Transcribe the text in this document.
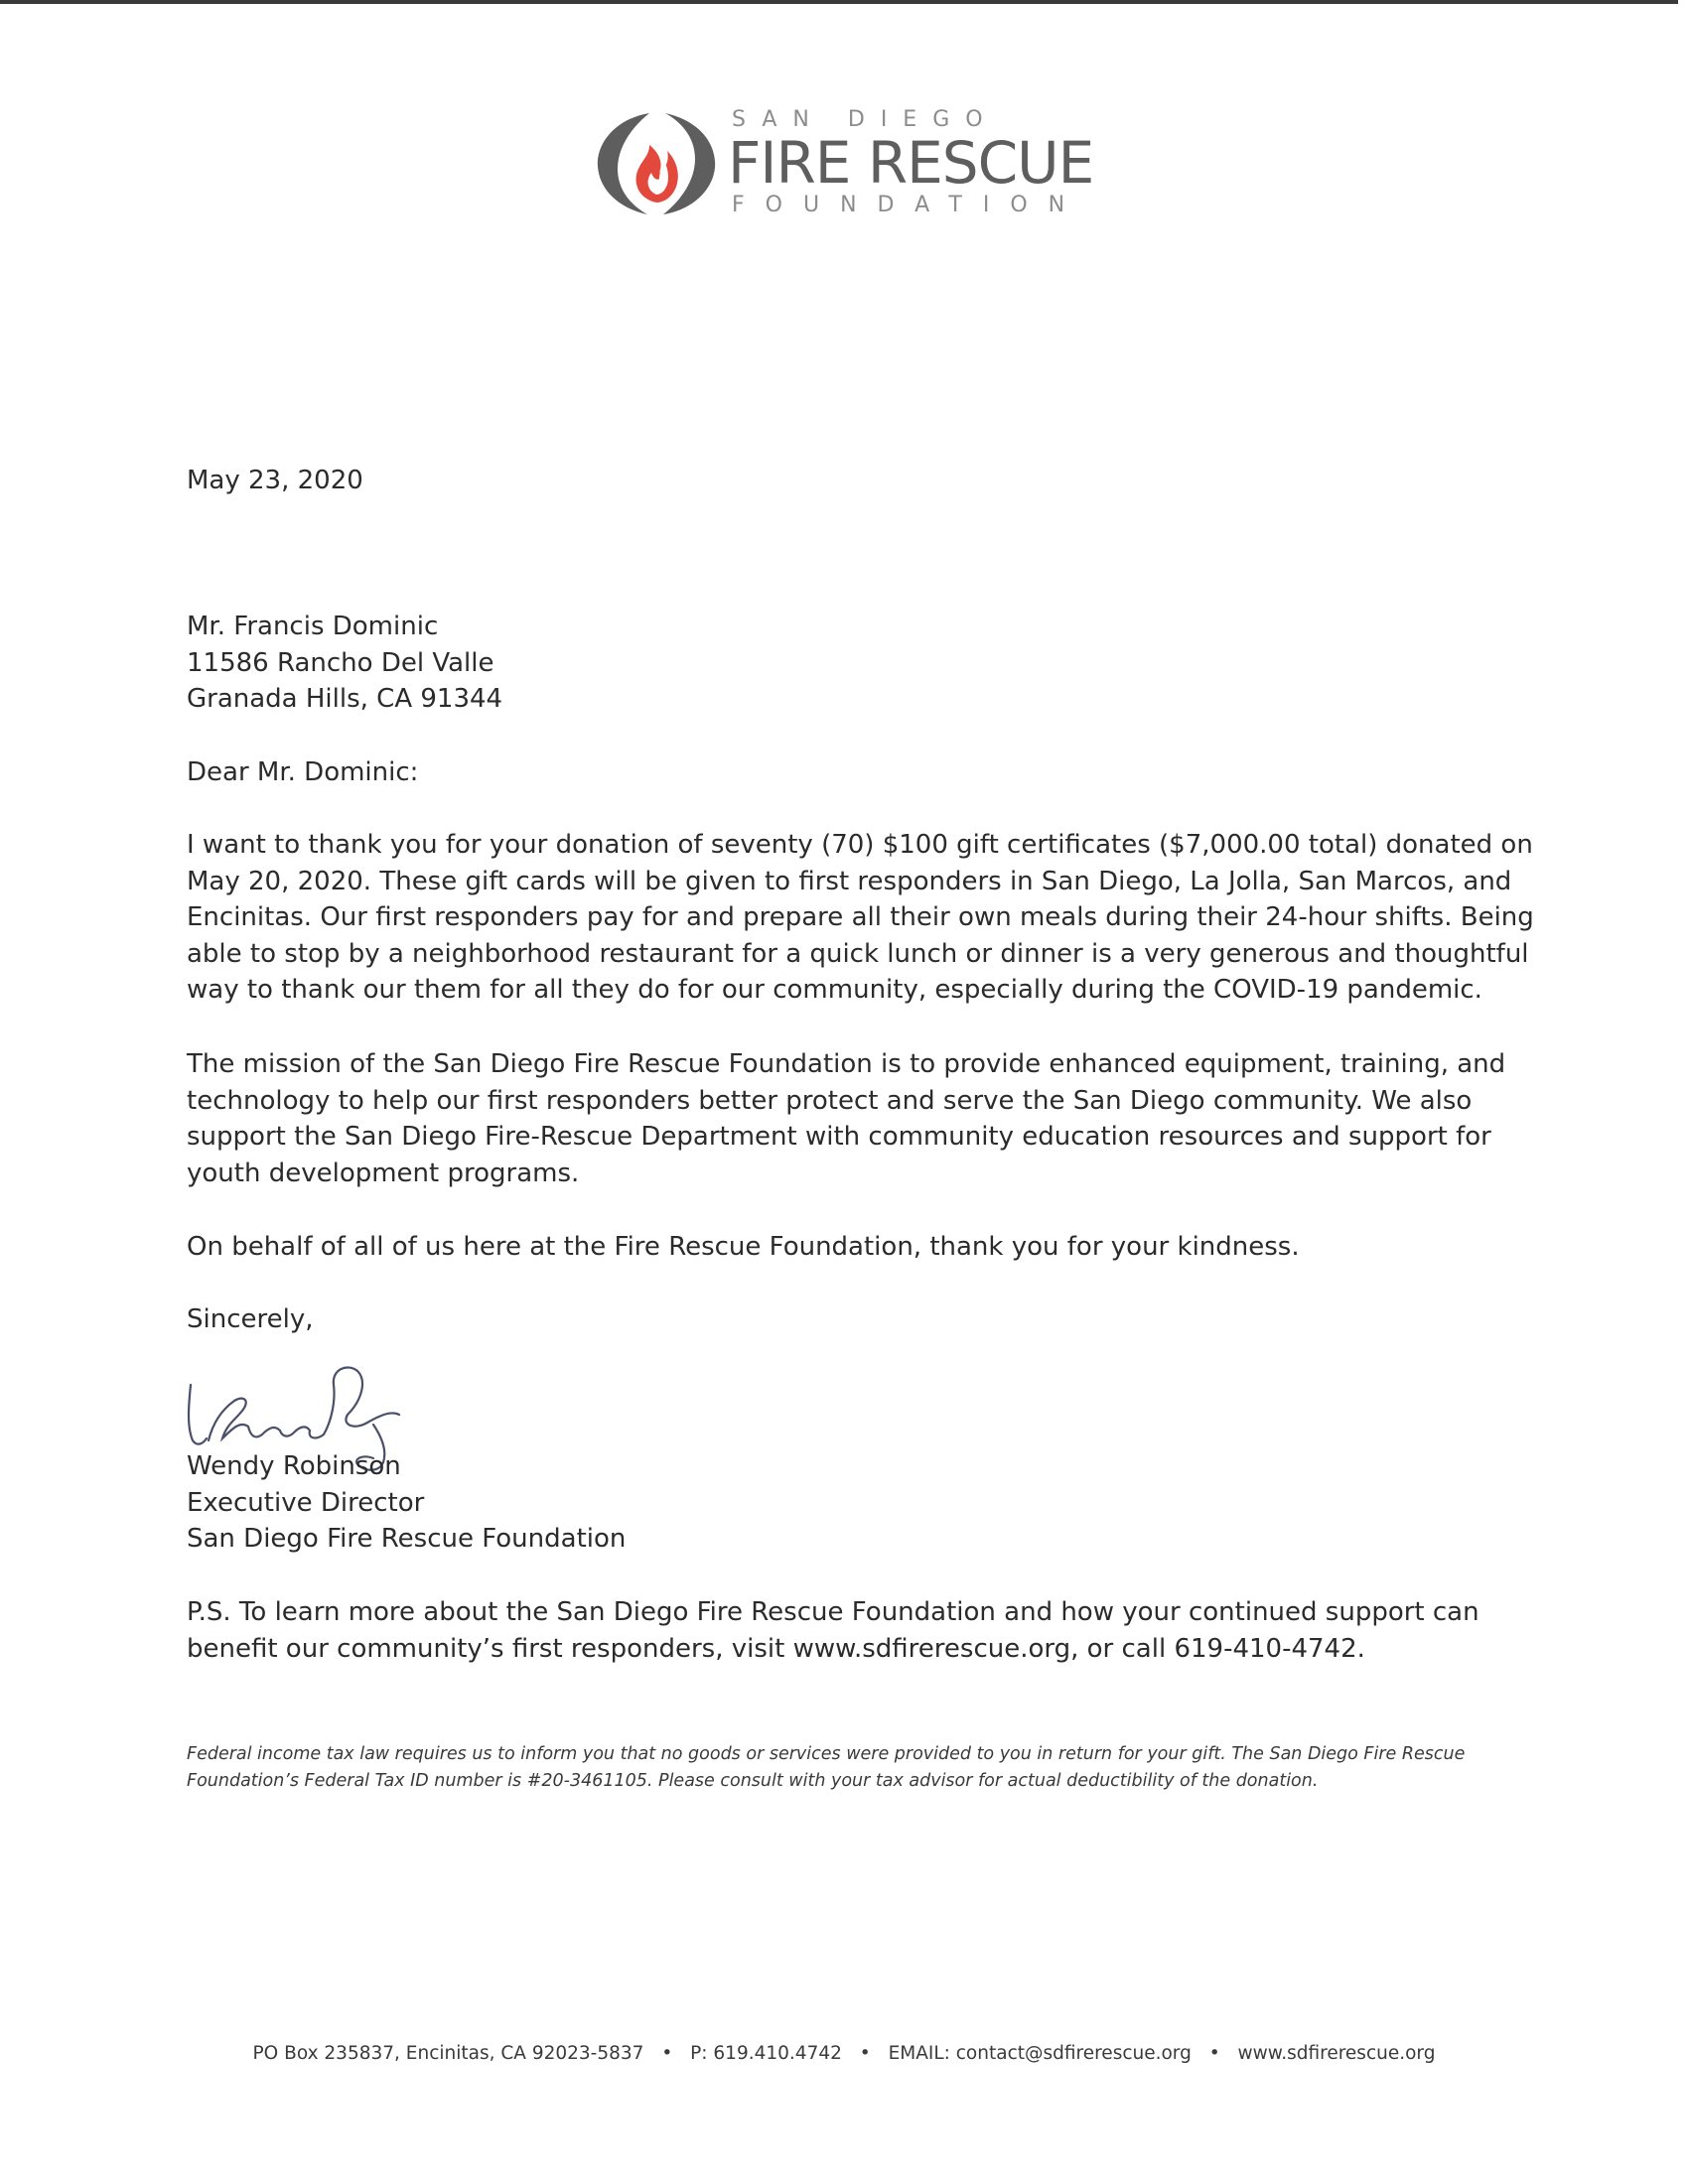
SAN DIEGO
FIRE RESCUE
FOUNDATION
May 23, 2020
Mr. Francis Dominic
11586 Rancho Del Valle
Granada Hills, CA 91344
Dear Mr. Dominic:
I want to thank you for your donation of seventy (70) $100 gift certificates ($7,000.00 total) donated on
May 20, 2020. These gift cards will be given to first responders in San Diego, La Jolla, San Marcos, and
Encinitas. Our first responders pay for and prepare all their own meals during their 24-hour shifts. Being
able to stop by a neighborhood restaurant for a quick lunch or dinner is a very generous and thoughtful
way to thank our them for all they do for our community, especially during the COVID-19 pandemic.
The mission of the San Diego Fire Rescue Foundation is to provide enhanced equipment, training, and
technology to help our first responders better protect and serve the San Diego community. We also
support the San Diego Fire-Rescue Department with community education resources and support for
youth development programs.
On behalf of all of us here at the Fire Rescue Foundation, thank you for your kindness.
Sincerely,
Wendy Robinson
Executive Director
San Diego Fire Rescue Foundation
P.S. To learn more about the San Diego Fire Rescue Foundation and how your continued support can
benefit our community’s first responders, visit www.sdfirerescue.org, or call 619-410-4742.
Federal income tax law requires us to inform you that no goods or services were provided to you in return for your gift. The San Diego Fire Rescue
Foundation’s Federal Tax ID number is #20-3461105. Please consult with your tax advisor for actual deductibility of the donation.
PO Box 235837, Encinitas, CA 92023-5837 • P: 619.410.4742 • EMAIL: contact@sdfirerescue.org • www.sdfirerescue.org
